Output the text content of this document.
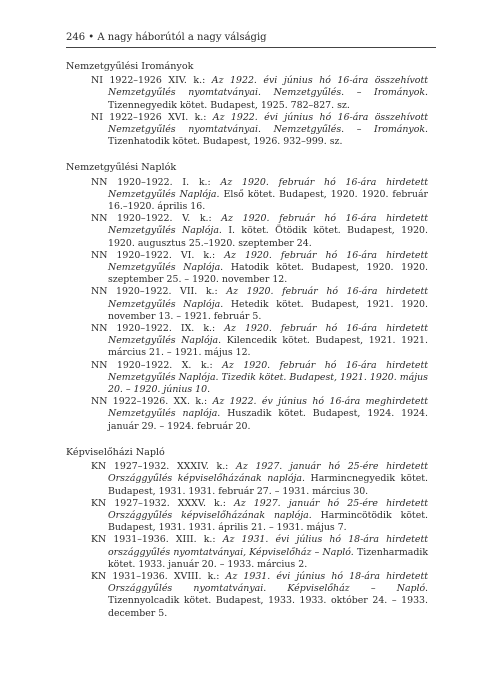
246 • A nagy háborútól a nagy válságig
Nemzetgyűlési Irományok

NI 1922–1926 XIV. k.: Az 1922. évi június hó 16-ára összehívott Nemzetgyűlés nyomtatványai. Nemzetgyűlés. – Irományok. Tizennegyedik kötet. Budapest, 1925. 782–827. sz.

NI 1922–1926 XVI. k.: Az 1922. évi június hó 16-ára összehívott Nemzetgyűlés nyomtatványai. Nemzetgyűlés. – Irományok. Tizenhatodik kötet. Budapest, 1926. 932–999. sz.

Nemzetgyűlési Naplók

NN 1920–1922. I. k.: Az 1920. február hó 16-ára hirdetett Nemzetgyűlés Naplója. Első kötet. Budapest, 1920. 1920. február 16.–1920. április 16.

NN 1920–1922. V. k.: Az 1920. február hó 16-ára hirdetett Nemzetgyűlés Naplója. I. kötet. Ötödik kötet. Budapest, 1920. 1920. augusztus 25.–1920. szeptember 24.

NN 1920–1922. VI. k.: Az 1920. február hó 16-ára hirdetett Nemzetgyűlés Naplója. Hatodik kötet. Budapest, 1920. 1920. szeptember 25. – 1920. november 12.

NN 1920–1922. VII. k.: Az 1920. február hó 16-ára hirdetett Nemzetgyűlés Naplója. Hetedik kötet. Budapest, 1921. 1920. november 13. – 1921. február 5.

NN 1920–1922. IX. k.: Az 1920. február hó 16-ára hirdetett Nemzetgyűlés Naplója. Kilencedik kötet. Budapest, 1921. 1921. március 21. – 1921. május 12.

NN 1920–1922. X. k.: Az 1920. február hó 16-ára hirdetett Nemzetgyűlés Naplója. Tizedik kötet. Budapest, 1921. 1920. május 20. – 1920. június 10.

NN 1922–1926. XX. k.: Az 1922. év június hó 16-ára meghirdetett Nemzetgyűlés naplója. Huszadik kötet. Budapest, 1924. 1924. január 29. – 1924. február 20.

Képviselőházi Napló

KN 1927–1932. XXXIV. k.: Az 1927. január hó 25-ére hirdetett Országgyűlés képviselőházának naplója. Harmincnegyedik kötet. Budapest, 1931. 1931. február 27. – 1931. március 30.

KN 1927–1932. XXXV. k.: Az 1927. január hó 25-ére hirdetett Országgyűlés képviselőházának naplója. Harmincötödik kötet. Budapest, 1931. 1931. április 21. – 1931. május 7.

KN 1931–1936. XIII. k.: Az 1931. évi július hó 18-ára hirdetett országgyűlés nyomtatványai, Képviselőház – Napló. Tizenharmadik kötet. 1933. január 20. – 1933. március 2.

KN 1931–1936. XVIII. k.: Az 1931. évi június hó 18-ára hirdetett Országgyűlés nyomtatványai. Képviselőház – Napló. Tizennyolcadik kötet. Budapest, 1933. 1933. október 24. – 1933. december 5.
